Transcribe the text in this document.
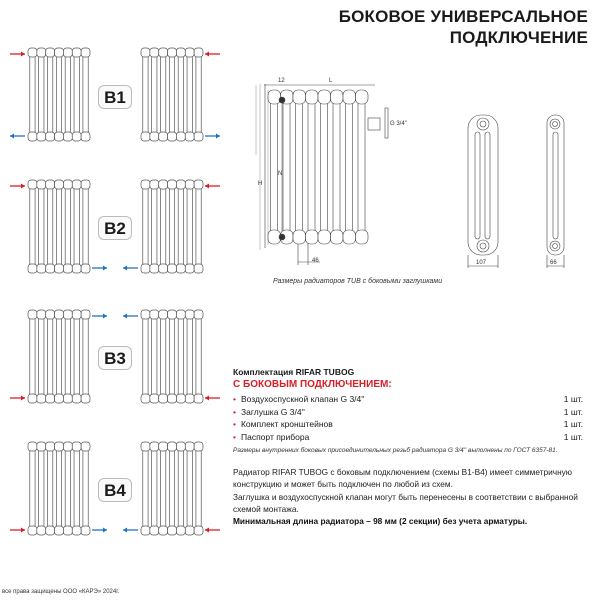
B1
B2
B3
B4
БОКОВОЕ УНИВЕРСАЛЬНОЕ
ПОДКЛЮЧЕНИЕ
12	L
G 3/4''
H
N
46	107	66
Размеры радиаторов TUB с боковыми заглушками
Комплектация RIFAR TUBOG
С БОКОВЫМ ПОДКЛЮЧЕНИЕМ:
• Воздухоспускной клапан G 3/4''	1 шт.
• Заглушка G 3/4''	1 шт.
• Комплект кронштейнов	1 шт.
• Паспорт прибора	1 шт.
Размеры внутренних боковых присоединительных резьб радиатора G 3/4'' выполнены по ГОСТ 6357-81.

Радиатор RIFAR TUBOG с боковым подключением (схемы В1-В4) имеет симметричную конструкцию и может быть подключен по любой из схем.

Заглушка и воздухоспускной клапан могут быть перенесены в соответствии с выбранной схемой монтажа.

Минимальная длина радиатора – 98 мм (2 секции) без учета арматуры.

все права защищены ООО «КАРЭ» 2024г.
